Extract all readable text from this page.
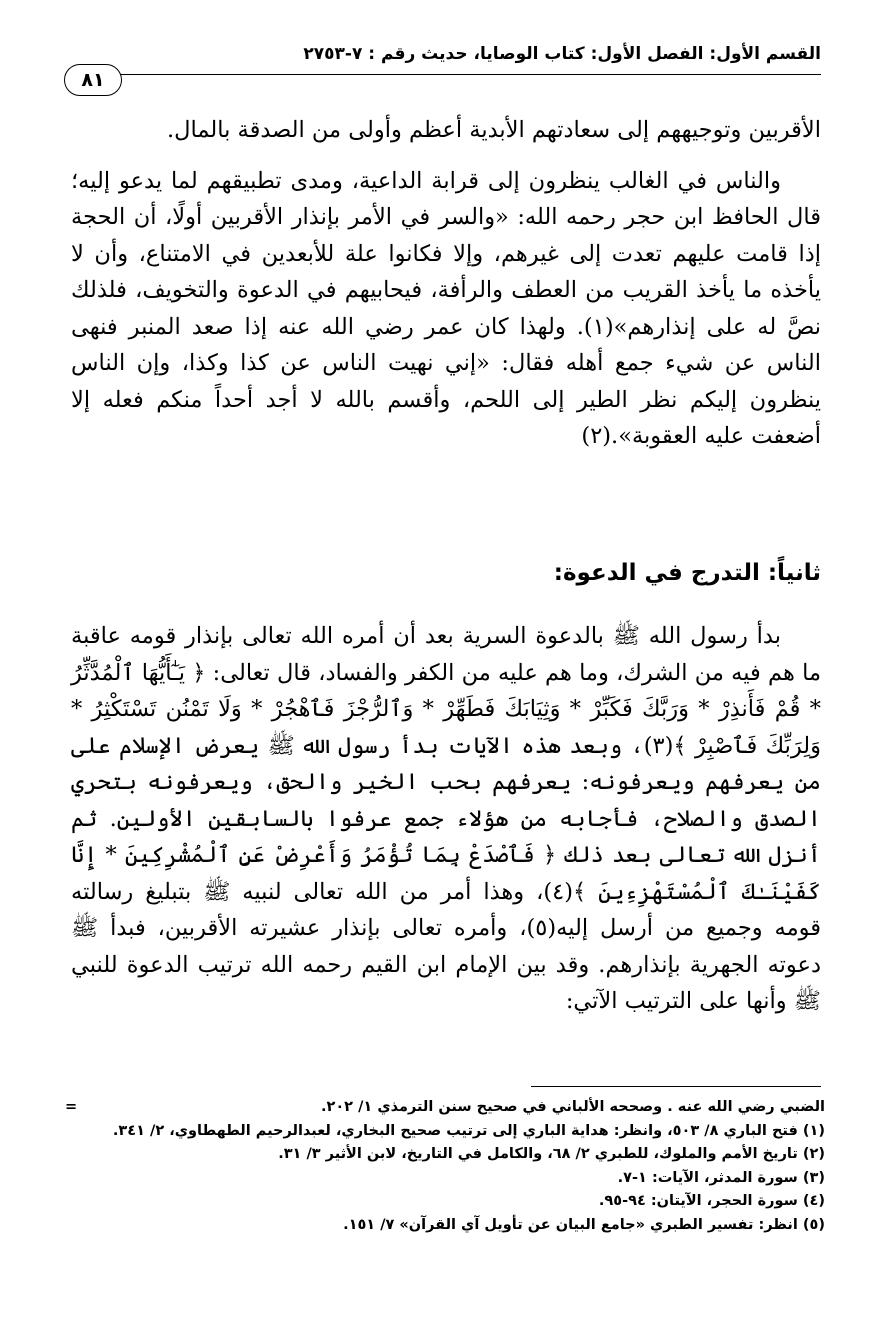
القسم الأول: الفصل الأول: كتاب الوصايا، حديث رقم : ٧-٢٧٥٣
٨١

الأقربين وتوجيههم إلى سعادتهم الأبدية أعظم وأولى من الصدقة بالمال.

والناس في الغالب ينظرون إلى قرابة الداعية، ومدى تطبيقهم لما يدعو إليه؛ قال الحافظ ابن حجر رحمه الله: «والسر في الأمر بإنذار الأقربين أولًا، أن الحجة إذا قامت عليهم تعدت إلى غيرهم، وإلا فكانوا علة للأبعدين في الامتناع، وأن لا يأخذه ما يأخذ القريب من العطف والرأفة، فيحابيهم في الدعوة والتخويف، فلذلك نصَّ له على إنذارهم»(١). ولهذا كان عمر رضي الله عنه إذا صعد المنبر فنهى الناس عن شيء جمع أهله فقال: «إني نهيت الناس عن كذا وكذا، وإن الناس ينظرون إليكم نظر الطير إلى اللحم، وأقسم بالله لا أجد أحداً منكم فعله إلا أضعفت عليه العقوبة».(٢)

ثانياً: التدرج في الدعوة:

بدأ رسول الله ﷺ بالدعوة السرية بعد أن أمره الله تعالى بإنذار قومه عاقبة ما هم فيه من الشرك، وما هم عليه من الكفر والفساد، قال تعالى: ﴿ يَـٰٓأَيُّهَا ٱلْمُدَّثِّرُ * قُمْ فَأَنذِرْ * وَرَبَّكَ فَكَبِّرْ * وَثِيَابَكَ فَطَهِّرْ * وَٱلرُّجْزَ فَٱهْجُرْ * وَلَا تَمْنُن تَسْتَكْثِرُ * وَلِرَبِّكَ فَٱصْبِرْ ﴾(٣)، وبعد هذه الآيات بدأ رسول الله ﷺ يعرض الإسلام على من يعرفهم ويعرفونه: يعرفهم بحب الخير والحق، ويعرفونه بتحري الصدق والصلاح، فأجابه من هؤلاء جمع عرفوا بالسابقين الأولين. ثم أنزل الله تعالى بعد ذلك ﴿ فَٱصْدَعْ بِمَا تُؤْمَرُ وَأَعْرِضْ عَنِ ٱلْمُشْرِكِينَ * إِنَّا كَفَيْنَـٰكَ ٱلْمُسْتَهْزِءِينَ ﴾(٤)، وهذا أمر من الله تعالى لنبيه ﷺ بتبليغ رسالته قومه وجميع من أرسل إليه(٥)، وأمره تعالى بإنذار عشيرته الأقربين، فبدأ ﷺ دعوته الجهرية بإنذارهم. وقد بين الإمام ابن القيم رحمه الله ترتيب الدعوة للنبي ﷺ وأنها على الترتيب الآتي:

الضبي رضي الله عنه . وصححه الألباني في صحيح سنن الترمذي ١/ ٢٠٢.
=
(١) فتح الباري ٨/ ٥٠٣، وانظر: هداية الباري إلى ترتيب صحيح البخاري، لعبدالرحيم الطهطاوي، ٢/ ٣٤١.
(٢) تاريخ الأمم والملوك، للطبري ٢/ ٦٨، والكامل في التاريخ، لابن الأثير ٣/ ٣١.
(٣) سورة المدثر، الآيات: ١-٧.
(٤) سورة الحجر، الآيتان: ٩٤-٩٥.
(٥) انظر: تفسير الطبري «جامع البيان عن تأويل آي القرآن» ٧/ ١٥١.
